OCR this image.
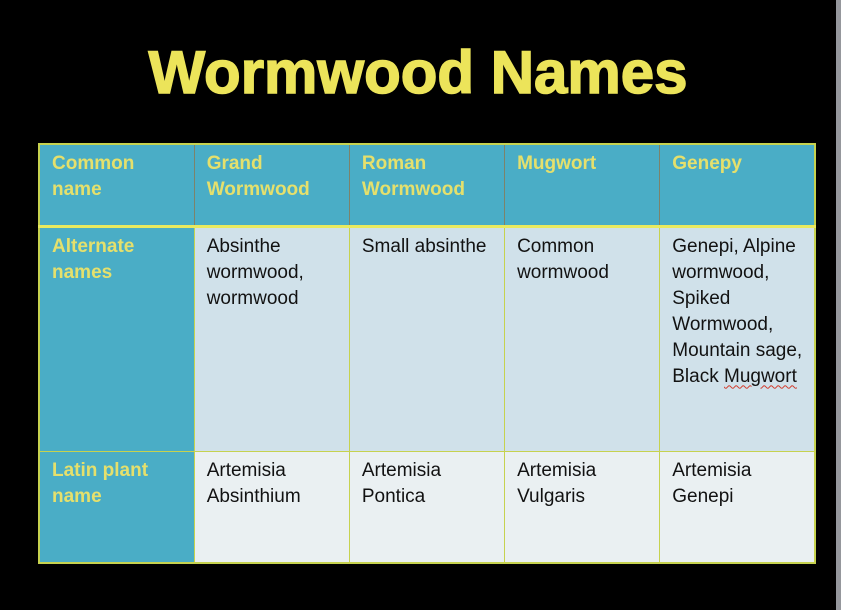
Wormwood Names
Common name	Grand Wormwood	Roman Wormwood	Mugwort	Genepy
Alternate names	Absinthe wormwood, wormwood	Small absinthe	Common wormwood	Genepi, Alpine wormwood, Spiked Wormwood, Mountain sage, Black Mugwort
Latin plant name	Artemisia Absinthium	Artemisia Pontica	Artemisia Vulgaris	Artemisia Genepi
